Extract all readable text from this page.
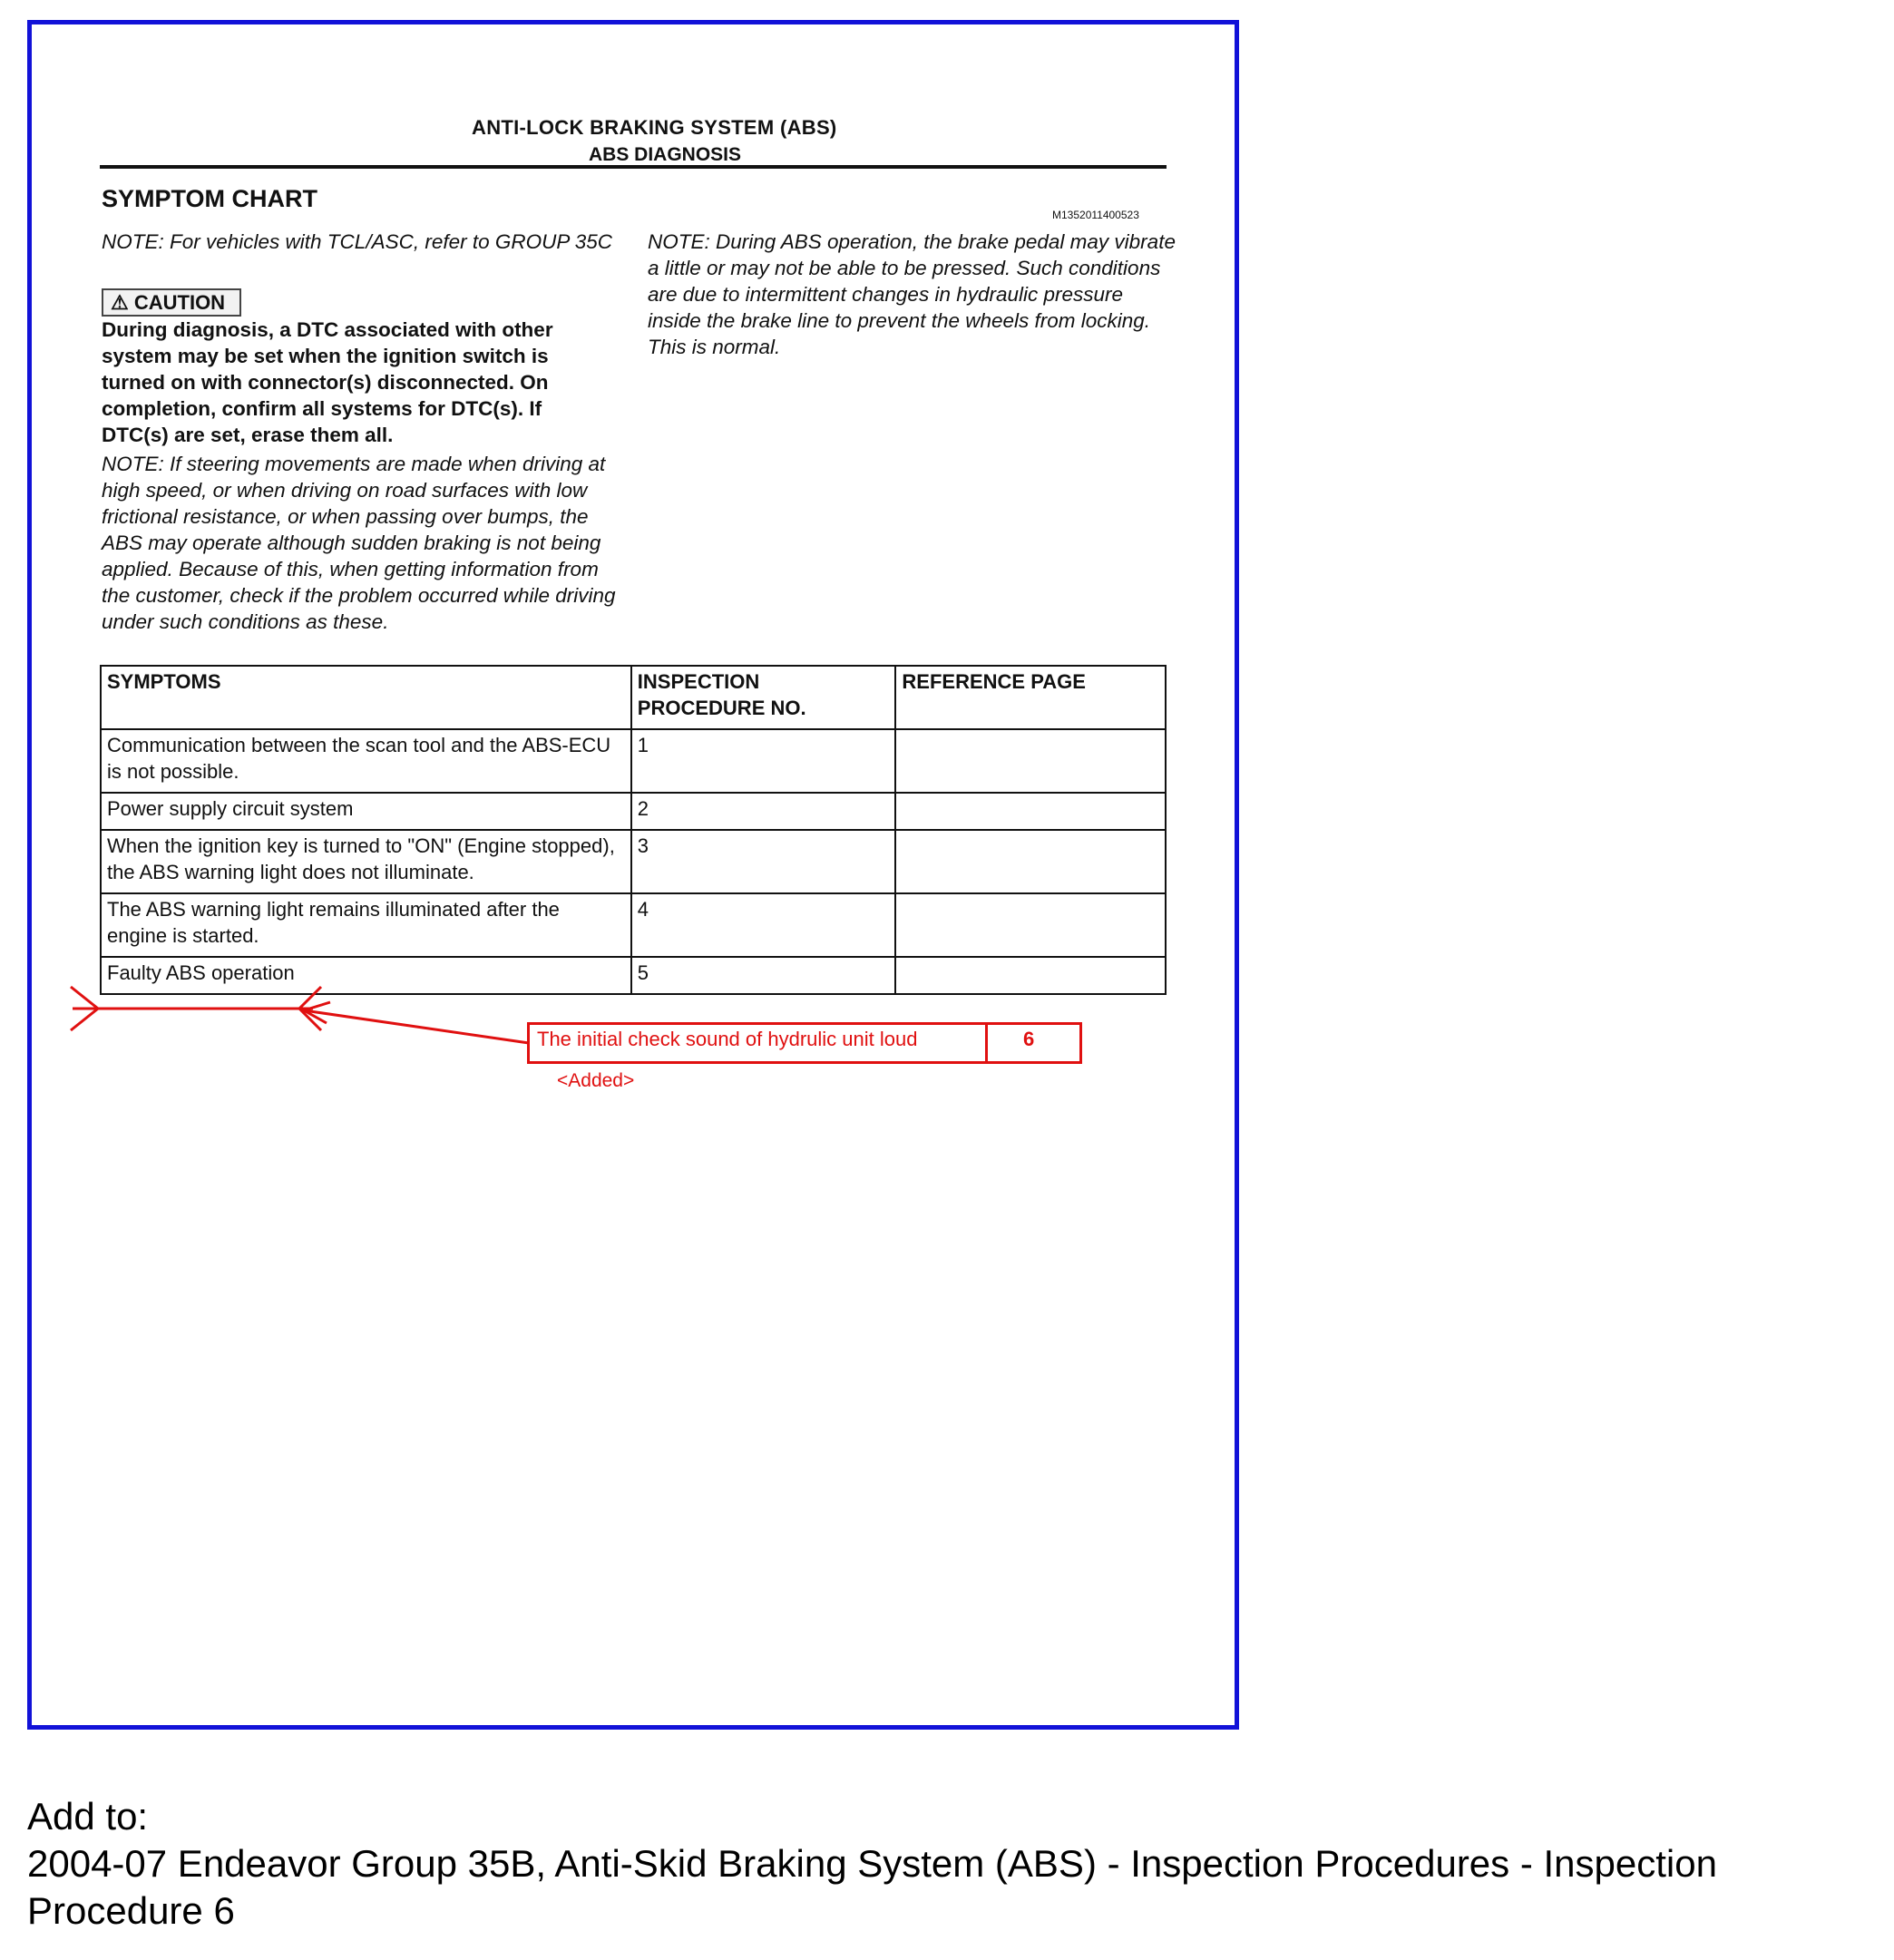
ANTI-LOCK BRAKING SYSTEM (ABS)
ABS DIAGNOSIS
SYMPTOM CHART
M1352011400523
NOTE: For vehicles with TCL/ASC, refer to GROUP 35C
⚠ CAUTION
During diagnosis, a DTC associated with other system may be set when the ignition switch is turned on with connector(s) disconnected. On completion, confirm all systems for DTC(s). If DTC(s) are set, erase them all.
NOTE: If steering movements are made when driving at high speed, or when driving on road surfaces with low frictional resistance, or when passing over bumps, the ABS may operate although sudden braking is not being applied. Because of this, when getting information from the customer, check if the problem occurred while driving under such conditions as these.
NOTE: During ABS operation, the brake pedal may vibrate a little or may not be able to be pressed. Such conditions are due to intermittent changes in hydraulic pressure inside the brake line to prevent the wheels from locking. This is normal.
SYMPTOMS	INSPECTION PROCEDURE NO.	REFERENCE PAGE
Communication between the scan tool and the ABS-ECU is not possible.	1	
Power supply circuit system	2	
When the ignition key is turned to "ON" (Engine stopped), the ABS warning light does not illuminate.	3	
The ABS warning light remains illuminated after the engine is started.	4	
Faulty ABS operation	5	
The initial check sound of hydrulic unit loud	6
<Added>
Add to:
2004-07 Endeavor Group 35B, Anti-Skid Braking System (ABS) - Inspection Procedures - Inspection Procedure 6
